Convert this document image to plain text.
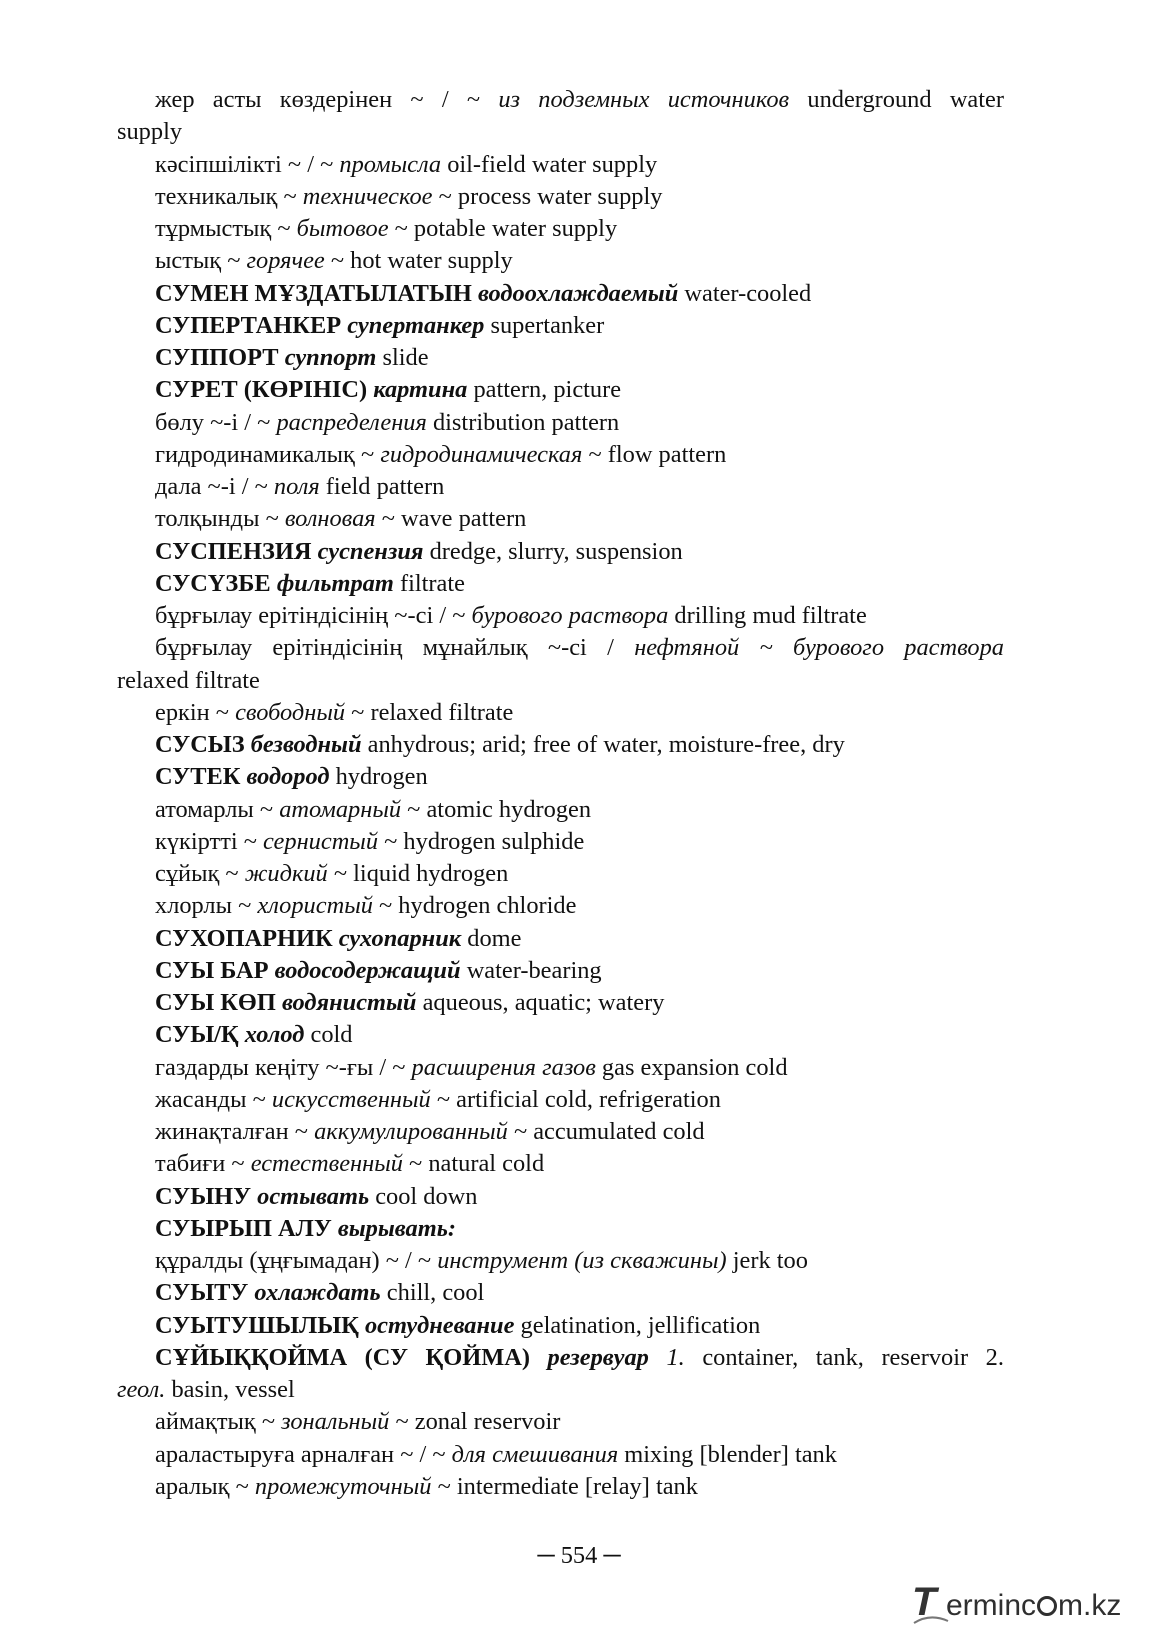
жер асты көздерінен ~ / ~ из подземных источников underground water
supply
кәсіпшілікті ~ / ~ промысла oil-field water supply
техникалық ~ техническое ~ process water supply
тұрмыстық ~ бытовое ~ potable water supply
ыстық ~ горячее ~ hot water supply
СУМЕН МҰЗДАТЫЛАТЫН водоохлаждаемый water-cooled
СУПЕРТАНКЕР супертанкер supertanker
СУППОРТ суппорт slide
СУРЕТ (КӨРІНІС) картина pattern, picture
бөлу ~-і / ~ распределения distribution pattern
гидродинамикалық ~ гидродинамическая ~ flow pattern
дала ~-і / ~ поля field pattern
толқынды ~ волновая ~ wave pattern
СУСПЕНЗИЯ суспензия dredge, slurry, suspension
СУСҮЗБЕ фильтрат filtrate
бұрғылау ерітіндісінің ~-сі / ~ бурового раствора drilling mud filtrate
бұрғылау ерітіндісінің мұнайлық ~-сі / нефтяной ~ бурового раствора
relaxed filtrate
еркін ~ свободный ~ relaxed filtrate
СУСЫЗ безводный anhydrous; arid; free of water, moisture-free, dry
СУТЕК водород hydrogen
атомарлы ~ атомарный ~ atomic hydrogen
күкіртті ~ сернистый ~ hydrogen sulphide
сұйық ~ жидкий ~ liquid hydrogen
хлорлы ~ хлористый ~ hydrogen chloride
СУХОПАРНИК сухопарник dome
СУЫ БАР водосодержащий water-bearing
СУЫ КӨП водянистый aqueous, aquatic; watery
СУЫ/Қ холод cold
газдарды кеңіту ~-ғы / ~ расширения газов gas expansion cold
жасанды ~ искусственный ~ artificial cold, refrigeration
жинақталған ~ аккумулированный ~ accumulated cold
табиғи ~ естественный ~ natural cold
СУЫНУ остывать cool down
СУЫРЫП АЛУ вырывать:
құралды (ұңғымадан) ~ / ~ инструмент (из скважины) jerk too
СУЫТУ охлаждать chill, cool
СУЫТУШЫЛЫҚ остудневание gelatination, jellification
СҰЙЫҚҚОЙМА (СУ ҚОЙМА) резервуар 1. container, tank, reservoir 2.
геол. basin, vessel
аймақтық ~ зональный ~ zonal reservoir
араластыруға арналған ~ / ~ для смешивания mixing [blender] tank
аралық ~ промежуточный ~ intermediate [relay] tank
─ 554 ─
T erminc m.kz
